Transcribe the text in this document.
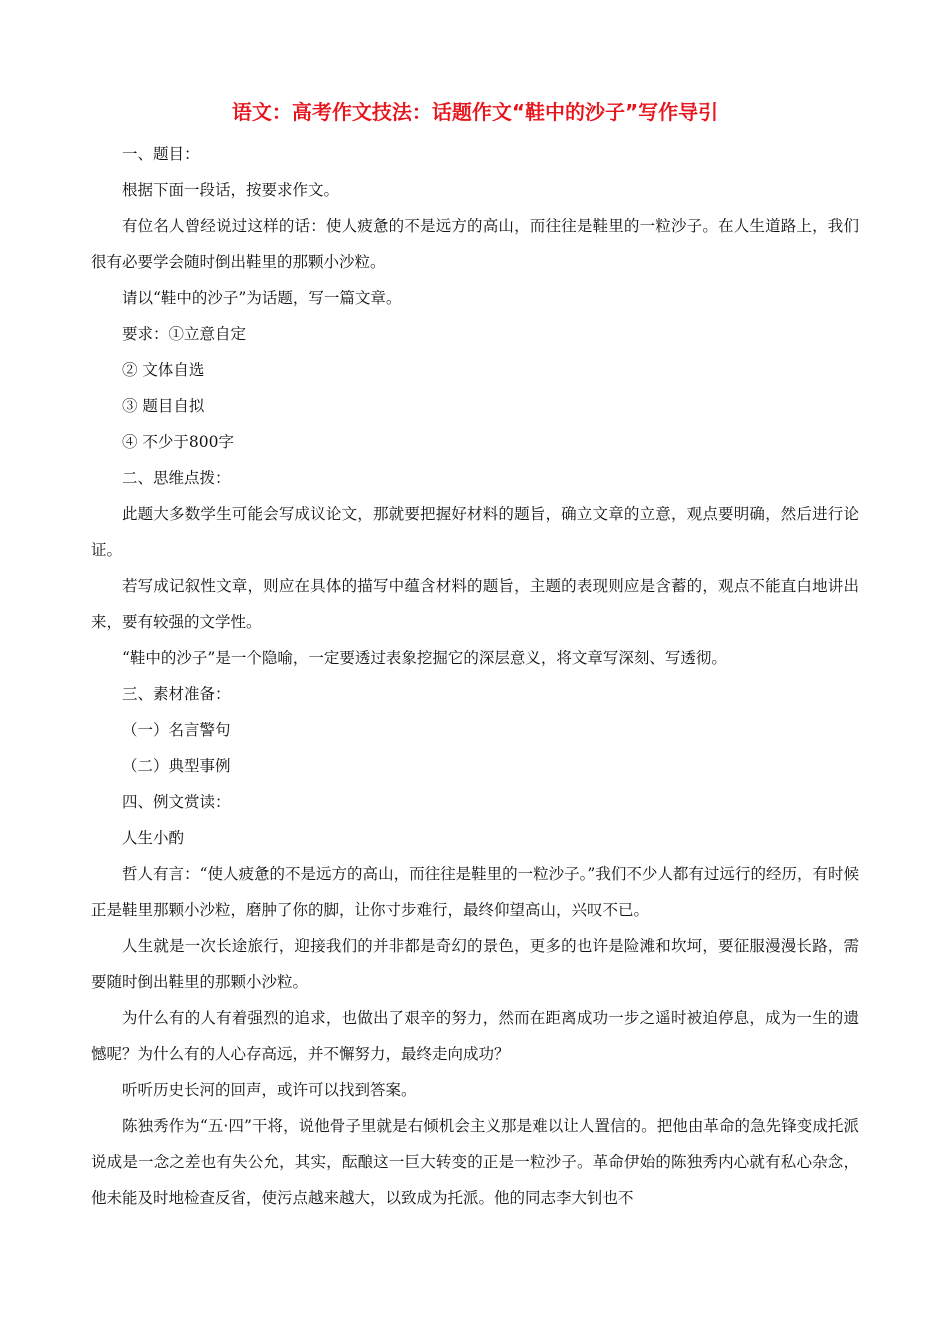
语文：高考作文技法：话题作文“鞋中的沙子”写作导引

一、题目：

根据下面一段话，按要求作文。

有位名人曾经说过这样的话：使人疲惫的不是远方的高山，而往往是鞋里的一粒沙子。在人生道路上，我们很有必要学会随时倒出鞋里的那颗小沙粒。

请以“鞋中的沙子”为话题，写一篇文章。

要求：①立意自定

② 文体自选

③ 题目自拟

④ 不少于800字

二、思维点拨：

此题大多数学生可能会写成议论文，那就要把握好材料的题旨，确立文章的立意，观点要明确，然后进行论证。

若写成记叙性文章，则应在具体的描写中蕴含材料的题旨，主题的表现则应是含蓄的，观点不能直白地讲出来，要有较强的文学性。

“鞋中的沙子”是一个隐喻，一定要透过表象挖掘它的深层意义，将文章写深刻、写透彻。

三、素材准备：

（一）名言警句

（二）典型事例

四、例文赏读：

人生小酌

哲人有言：“使人疲惫的不是远方的高山，而往往是鞋里的一粒沙子。”我们不少人都有过远行的经历，有时候正是鞋里那颗小沙粒，磨肿了你的脚，让你寸步难行，最终仰望高山，兴叹不已。

人生就是一次长途旅行，迎接我们的并非都是奇幻的景色，更多的也许是险滩和坎坷，要征服漫漫长路，需要随时倒出鞋里的那颗小沙粒。

为什么有的人有着强烈的追求，也做出了艰辛的努力，然而在距离成功一步之遥时被迫停息，成为一生的遗憾呢？为什么有的人心存高远，并不懈努力，最终走向成功？

听听历史长河的回声，或许可以找到答案。

陈独秀作为“五·四”干将，说他骨子里就是右倾机会主义那是难以让人置信的。把他由革命的急先锋变成托派说成是一念之差也有失公允，其实，酝酿这一巨大转变的正是一粒沙子。革命伊始的陈独秀内心就有私心杂念，他未能及时地检查反省，使污点越来越大，以致成为托派。他的同志李大钊也不
